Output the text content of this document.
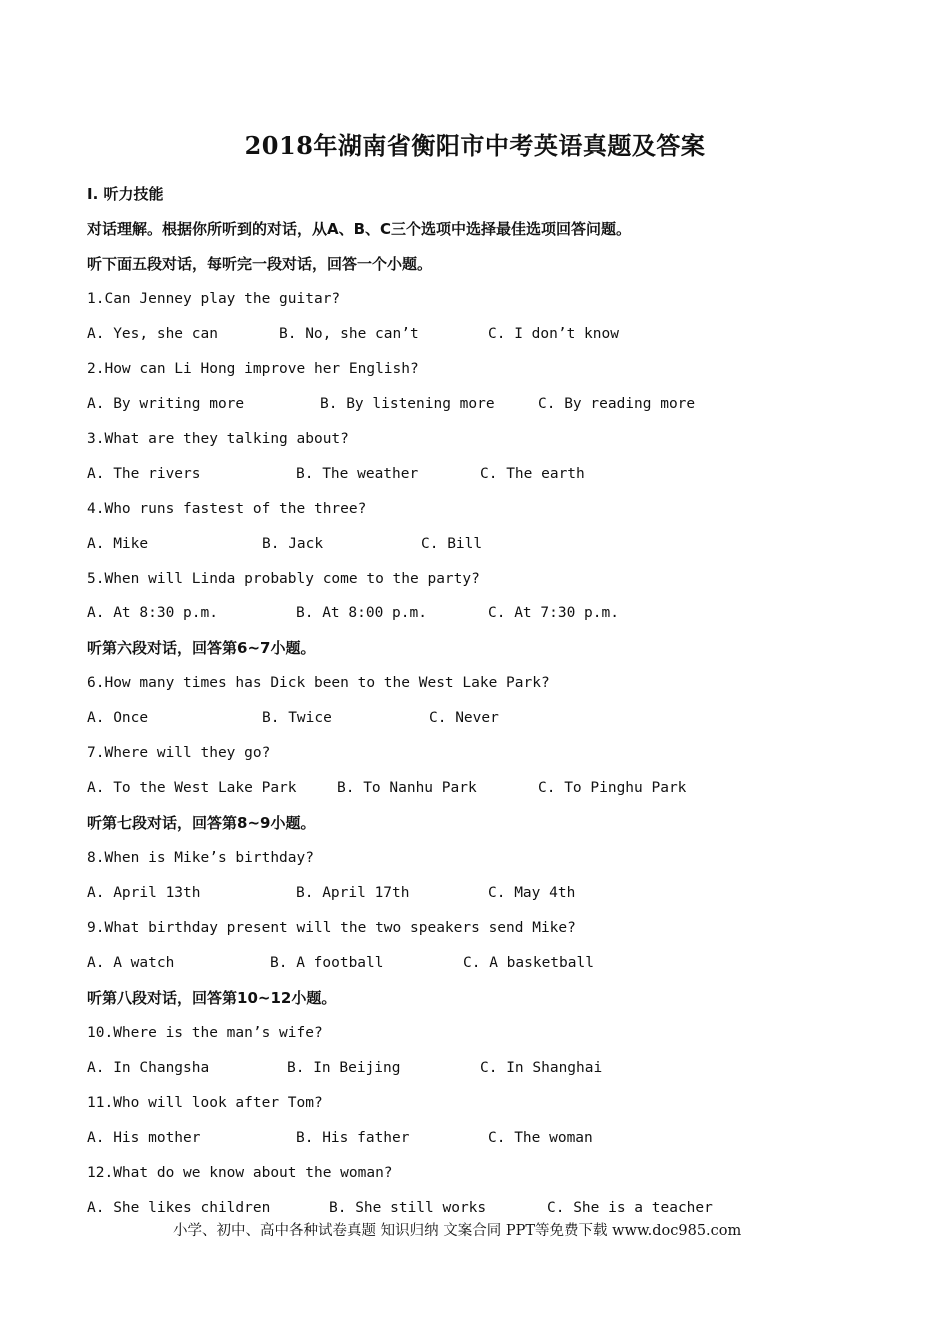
2018年湖南省衡阳市中考英语真题及答案
Ⅰ. 听力技能
对话理解。根据你所听到的对话，从A、B、C三个选项中选择最佳选项回答问题。
听下面五段对话，每听完一段对话，回答一个小题。
1.Can Jenney play the guitar?
A. Yes, she can	B. No, she can’t	C. I don’t know
2.How can Li Hong improve her English?
A. By writing more	B. By listening more	C. By reading more
3.What are they talking about?
A. The rivers	B. The weather	C. The earth
4.Who runs fastest of the three?
A. Mike	B. Jack	C. Bill
5.When will Linda probably come to the party?
A. At 8:30 p.m.	B. At 8:00 p.m.	C. At 7:30 p.m.
听第六段对话，回答第6~7小题。
6.How many times has Dick been to the West Lake Park?
A. Once	B. Twice	C. Never
7.Where will they go?
A. To the West Lake Park	B. To Nanhu Park	C. To Pinghu Park
听第七段对话，回答第8~9小题。
8.When is Mike’s birthday?
A. April 13th	B. April 17th	C. May 4th
9.What birthday present will the two speakers send Mike?
A. A watch	B. A football	C. A basketball
听第八段对话，回答第10~12小题。
10.Where is the man’s wife?
A. In Changsha	B. In Beijing	C. In Shanghai
11.Who will look after Tom?
A. His mother	B. His father	C. The woman
12.What do we know about the woman?
A. She likes children	B. She still works	C. She is a teacher
小学、初中、高中各种试卷真题 知识归纳 文案合同 PPT等免费下载 www.doc985.com
